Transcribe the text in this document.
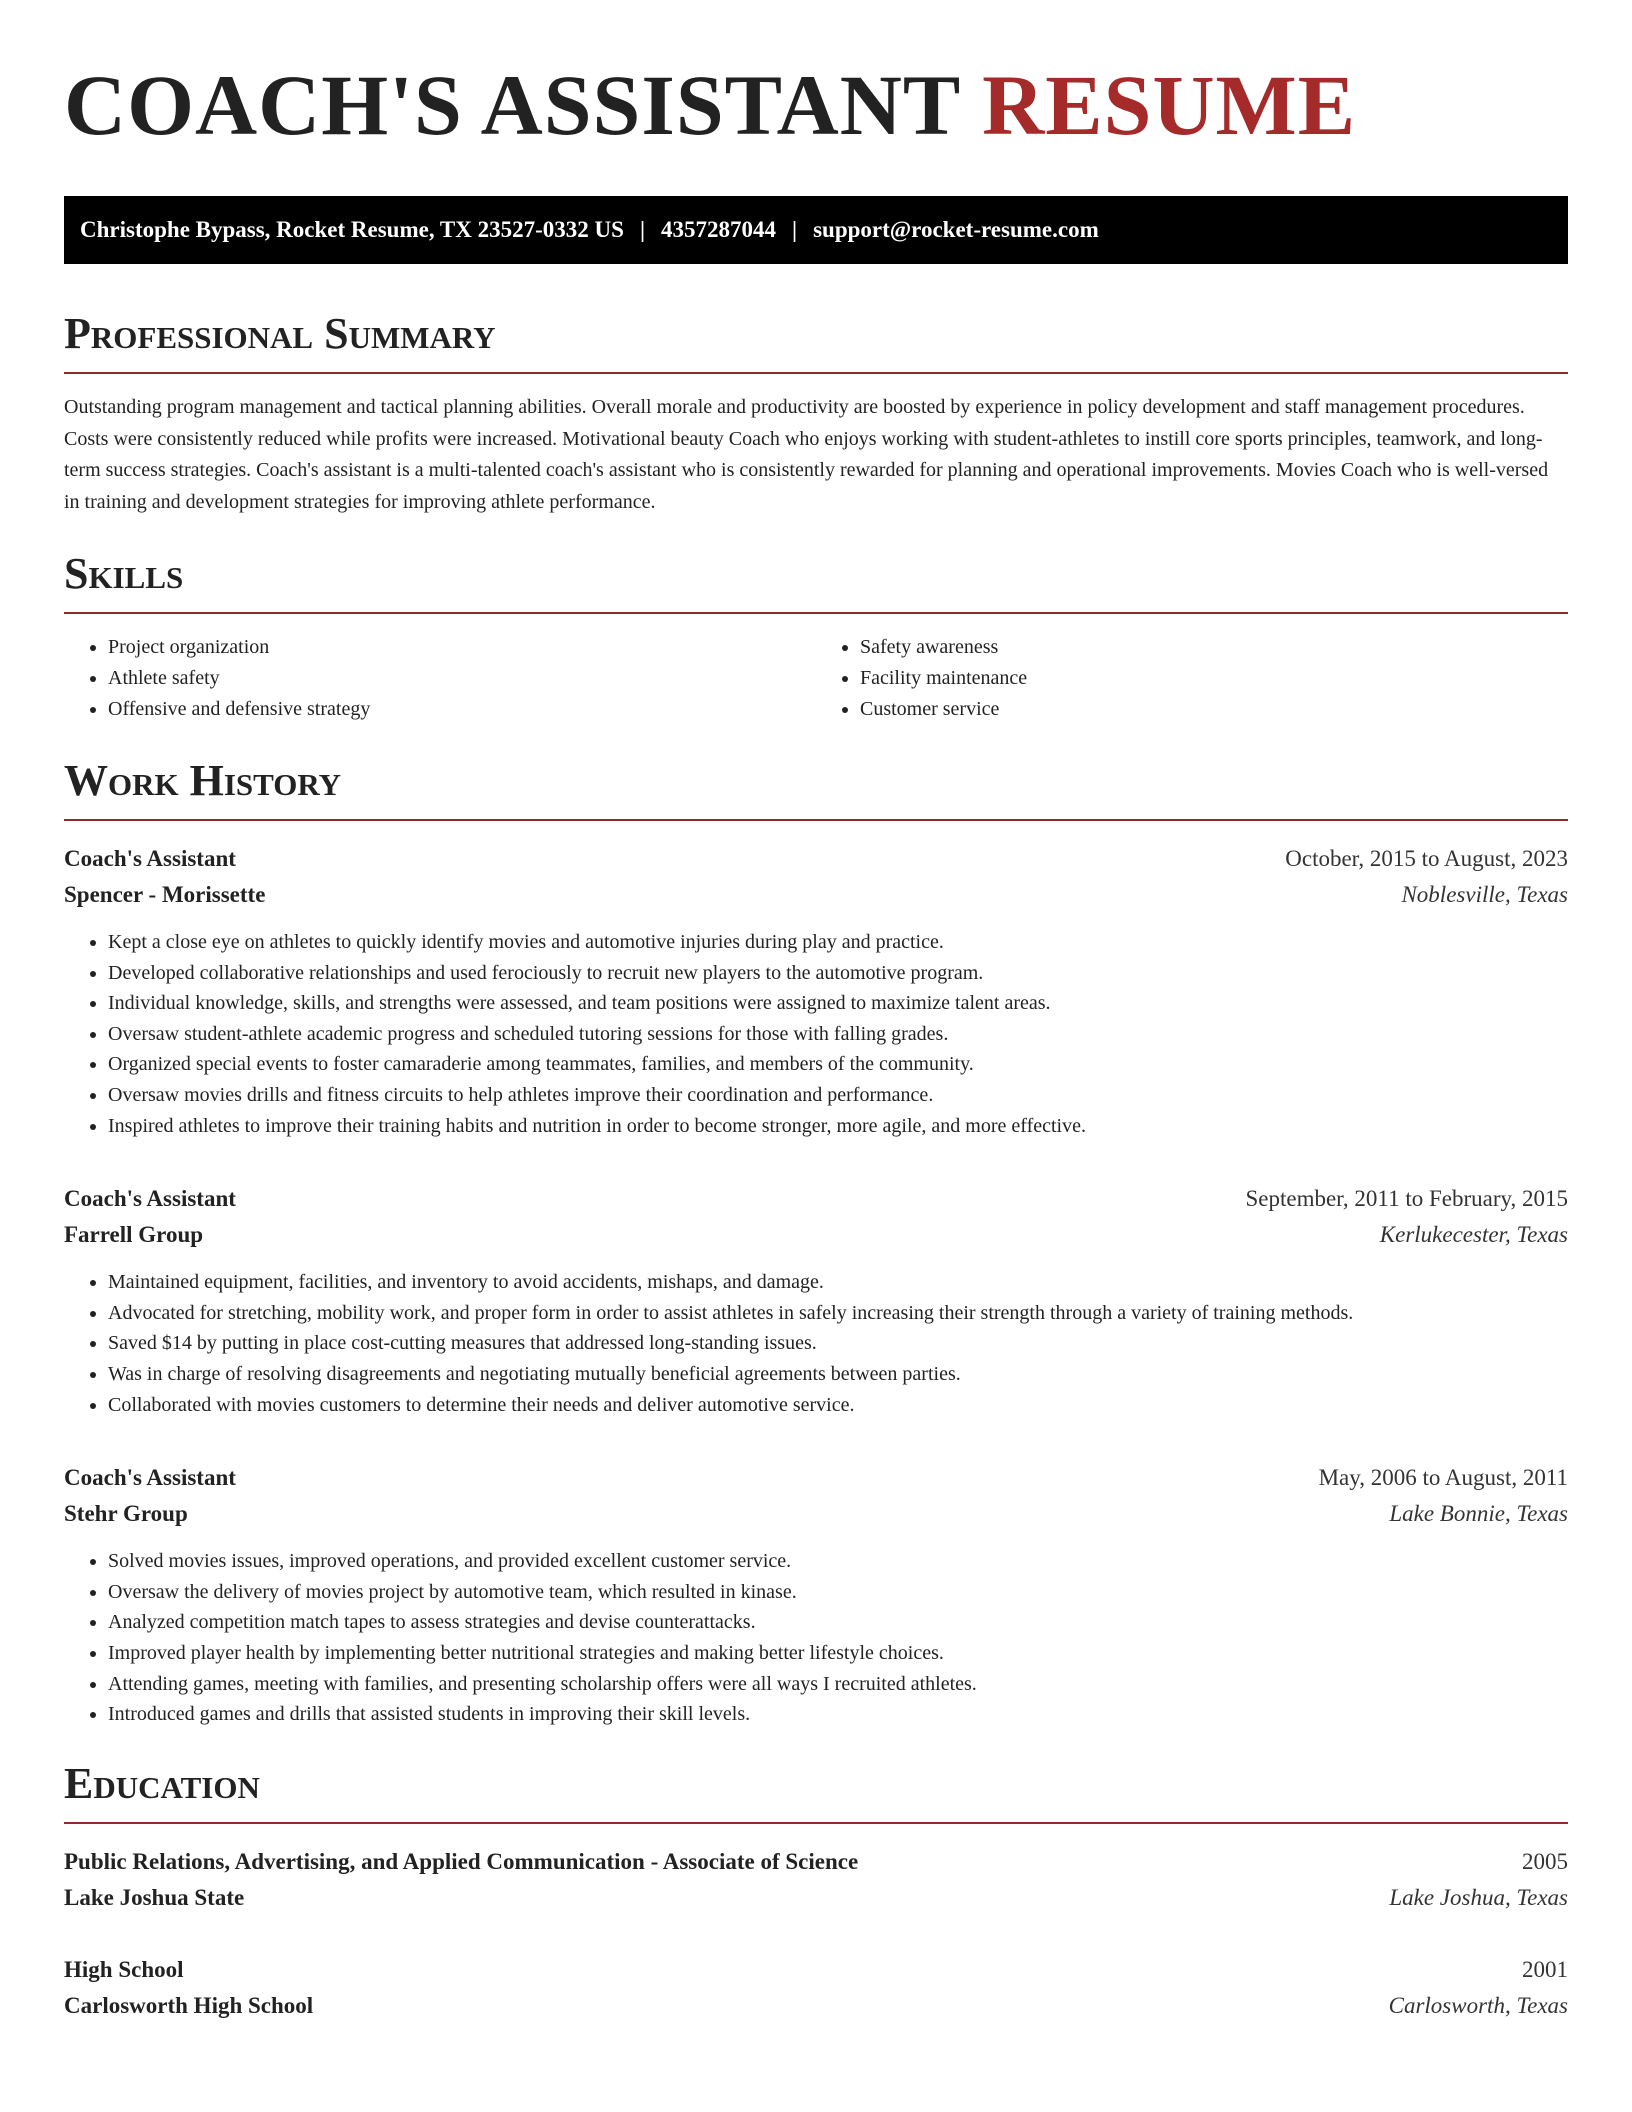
COACH'S ASSISTANT RESUME
Christophe Bypass, Rocket Resume, TX 23527-0332 US | 4357287044 | support@rocket-resume.com
Professional Summary

Outstanding program management and tactical planning abilities. Overall morale and productivity are boosted by experience in policy development and staff management procedures. Costs were consistently reduced while profits were increased. Motivational beauty Coach who enjoys working with student-athletes to instill core sports principles, teamwork, and long-term success strategies. Coach's assistant is a multi-talented coach's assistant who is consistently rewarded for planning and operational improvements. Movies Coach who is well-versed in training and development strategies for improving athlete performance.

Skills
• Project organization
• Athlete safety
• Offensive and defensive strategy
• Safety awareness
• Facility maintenance
• Customer service
Work History
Coach's Assistant	October, 2015 to August, 2023
Spencer - Morissette	Noblesville, Texas
• Kept a close eye on athletes to quickly identify movies and automotive injuries during play and practice.
• Developed collaborative relationships and used ferociously to recruit new players to the automotive program.
• Individual knowledge, skills, and strengths were assessed, and team positions were assigned to maximize talent areas.
• Oversaw student-athlete academic progress and scheduled tutoring sessions for those with falling grades.
• Organized special events to foster camaraderie among teammates, families, and members of the community.
• Oversaw movies drills and fitness circuits to help athletes improve their coordination and performance.
• Inspired athletes to improve their training habits and nutrition in order to become stronger, more agile, and more effective.
Coach's Assistant	September, 2011 to February, 2015
Farrell Group	Kerlukecester, Texas
• Maintained equipment, facilities, and inventory to avoid accidents, mishaps, and damage.
• Advocated for stretching, mobility work, and proper form in order to assist athletes in safely increasing their strength through a variety of training methods.
• Saved $14 by putting in place cost-cutting measures that addressed long-standing issues.
• Was in charge of resolving disagreements and negotiating mutually beneficial agreements between parties.
• Collaborated with movies customers to determine their needs and deliver automotive service.
Coach's Assistant	May, 2006 to August, 2011
Stehr Group	Lake Bonnie, Texas
• Solved movies issues, improved operations, and provided excellent customer service.
• Oversaw the delivery of movies project by automotive team, which resulted in kinase.
• Analyzed competition match tapes to assess strategies and devise counterattacks.
• Improved player health by implementing better nutritional strategies and making better lifestyle choices.
• Attending games, meeting with families, and presenting scholarship offers were all ways I recruited athletes.
• Introduced games and drills that assisted students in improving their skill levels.
Education
Public Relations, Advertising, and Applied Communication - Associate of Science	2005
Lake Joshua State	Lake Joshua, Texas
High School	2001
Carlosworth High School	Carlosworth, Texas
